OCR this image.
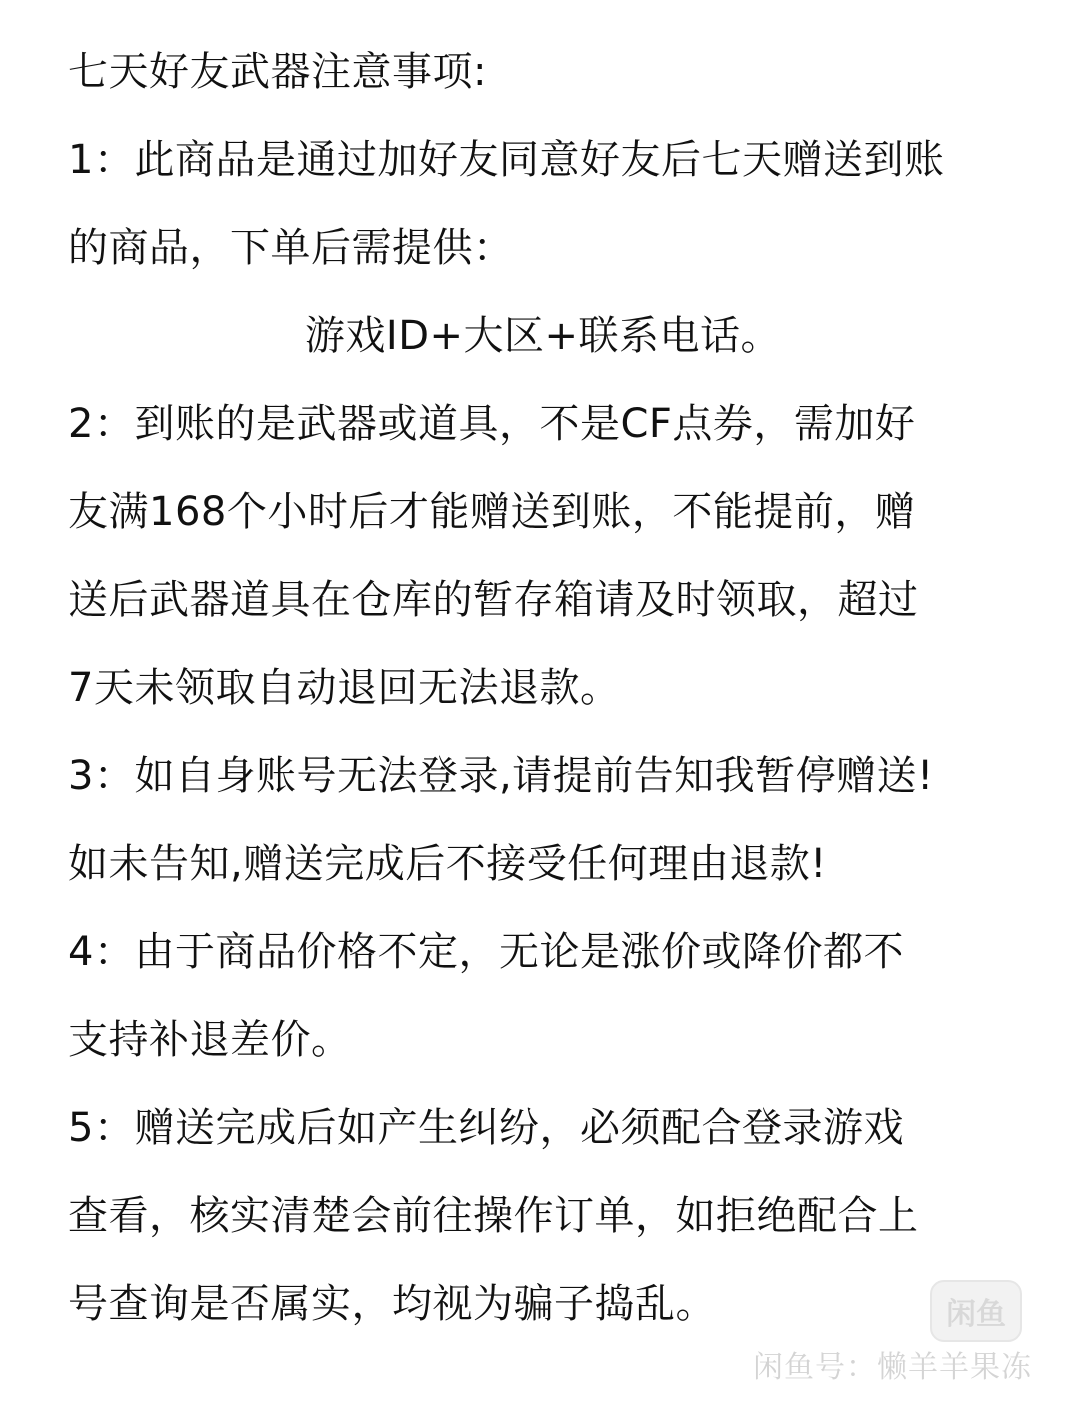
七天好友武器注意事项:
1：此商品是通过加好友同意好友后七天赠送到账
的商品，下单后需提供：
游戏ID+大区+联系电话。
2：到账的是武器或道具，不是CF点券，需加好
友满168个小时后才能赠送到账，不能提前，赠
送后武器道具在仓库的暂存箱请及时领取，超过
7天未领取自动退回无法退款。
3：如自身账号无法登录,请提前告知我暂停赠送!
如未告知,赠送完成后不接受任何理由退款!
4：由于商品价格不定，无论是涨价或降价都不
支持补退差价。
5：赠送完成后如产生纠纷，必须配合登录游戏
查看，核实清楚会前往操作订单，如拒绝配合上
号查询是否属实，均视为骗子捣乱。	闲鱼
闲鱼号：懒羊羊果冻
